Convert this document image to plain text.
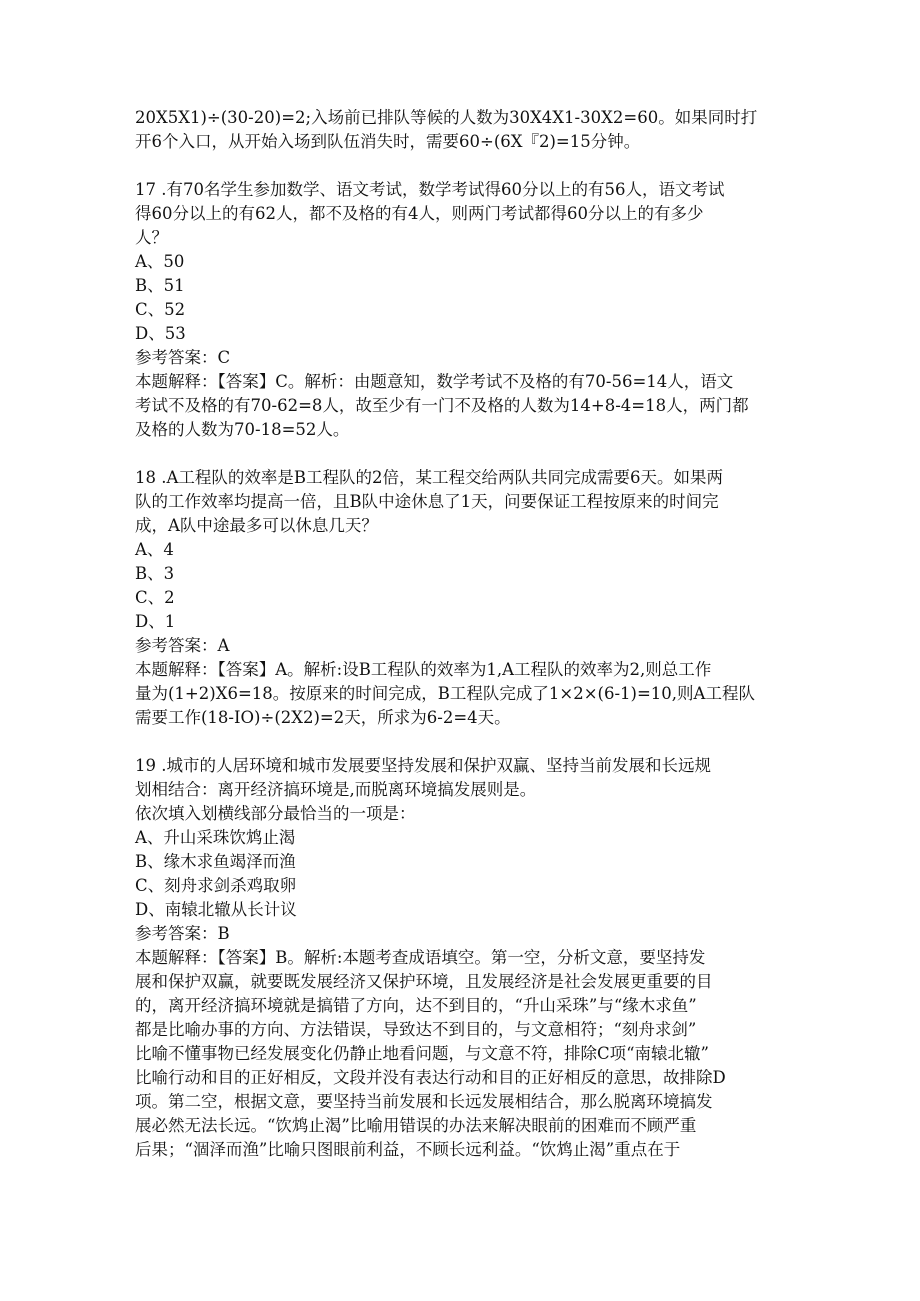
20X5X1)÷(30-20)=2;入场前已排队等候的人数为30X4X1-30X2=60。如果同时打
开6个入口，从开始入场到队伍消失时，需要60÷(6X『2)=15分钟。
17 .有70名学生参加数学、语文考试，数学考试得60分以上的有56人，语文考试
得60分以上的有62人，都不及格的有4人，则两门考试都得60分以上的有多少
人？
A、50
B、51
C、52
D、53
参考答案：C
本题解释：【答案】C。解析：由题意知，数学考试不及格的有70-56=14人，语文
考试不及格的有70-62=8人，故至少有一门不及格的人数为14+8-4=18人，两门都
及格的人数为70-18=52人。
18 .A工程队的效率是B工程队的2倍，某工程交给两队共同完成需要6天。如果两
队的工作效率均提高一倍，且B队中途休息了1天，问要保证工程按原来的时间完
成，A队中途最多可以休息几天？
A、4
B、3
C、2
D、1
参考答案：A
本题解释：【答案】A。解析:设B工程队的效率为1,A工程队的效率为2,则总工作
量为(1+2)X6=18。按原来的时间完成，B工程队完成了1×2×(6-1)=10,则A工程队
需要工作(18-IO)÷(2X2)=2天，所求为6-2=4天。
19 .城市的人居环境和城市发展要坚持发展和保护双赢、坚持当前发展和长远规
划相结合：离开经济搞环境是,而脱离环境搞发展则是。
依次填入划横线部分最恰当的一项是：
A、升山采珠饮鸩止渴
B、缘木求鱼竭泽而渔
C、刻舟求剑杀鸡取卵
D、南辕北辙从长计议
参考答案：B
本题解释：【答案】B。解析:本题考查成语填空。第一空，分析文意，要坚持发
展和保护双赢，就要既发展经济又保护环境，且发展经济是社会发展更重要的目
的，离开经济搞环境就是搞错了方向，达不到目的，“升山采珠”与“缘木求鱼”
都是比喻办事的方向、方法错误，导致达不到目的，与文意相符；“刻舟求剑”
比喻不懂事物已经发展变化仍静止地看问题，与文意不符，排除C项“南辕北辙”
比喻行动和目的正好相反，文段并没有表达行动和目的正好相反的意思，故排除D
项。第二空，根据文意，要坚持当前发展和长远发展相结合，那么脱离环境搞发
展必然无法长远。“饮鸩止渴”比喻用错误的办法来解决眼前的困难而不顾严重
后果；“涸泽而渔”比喻只图眼前利益，不顾长远利益。“饮鸩止渴”重点在于
